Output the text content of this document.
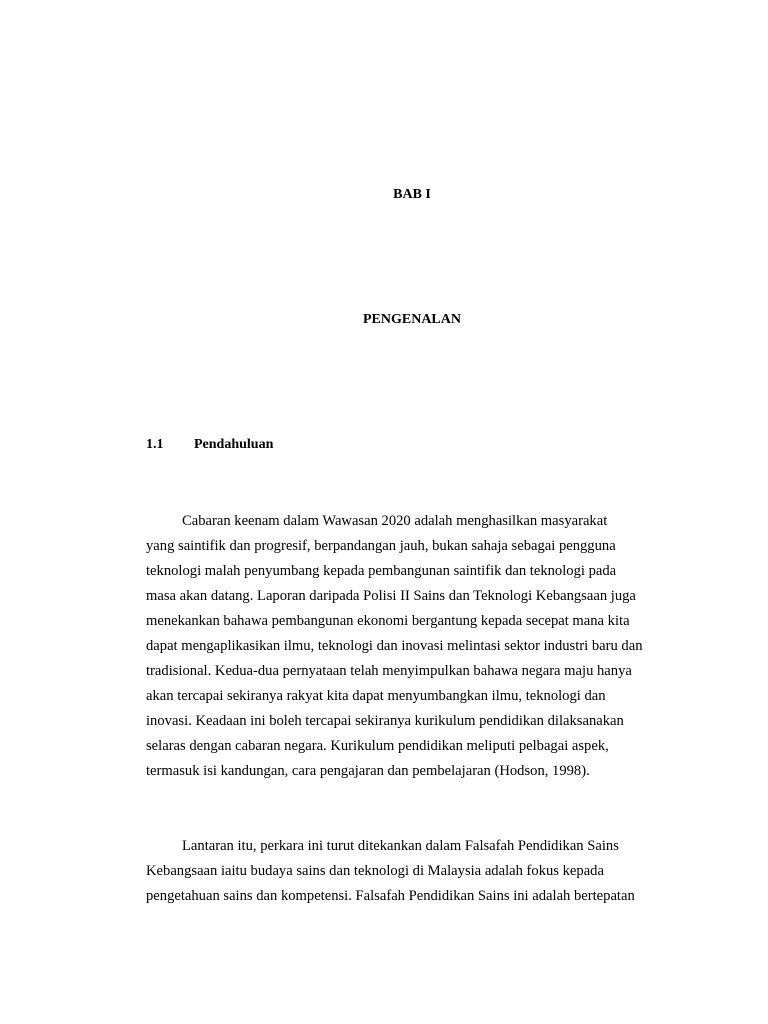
BAB I
PENGENALAN
1.1	Pendahuluan

Cabaran keenam dalam Wawasan 2020 adalah menghasilkan masyarakat
yang saintifik dan progresif, berpandangan jauh, bukan sahaja sebagai pengguna
teknologi malah penyumbang kepada pembangunan saintifik dan teknologi pada
masa akan datang. Laporan daripada Polisi II Sains dan Teknologi Kebangsaan juga
menekankan bahawa pembangunan ekonomi bergantung kepada secepat mana kita
dapat mengaplikasikan ilmu, teknologi dan inovasi melintasi sektor industri baru dan
tradisional. Kedua-dua pernyataan telah menyimpulkan bahawa negara maju hanya
akan tercapai sekiranya rakyat kita dapat menyumbangkan ilmu, teknologi dan
inovasi. Keadaan ini boleh tercapai sekiranya kurikulum pendidikan dilaksanakan
selaras dengan cabaran negara. Kurikulum pendidikan meliputi pelbagai aspek,
termasuk isi kandungan, cara pengajaran dan pembelajaran (Hodson, 1998).

Lantaran itu, perkara ini turut ditekankan dalam Falsafah Pendidikan Sains
Kebangsaan iaitu budaya sains dan teknologi di Malaysia adalah fokus kepada
pengetahuan sains dan kompetensi. Falsafah Pendidikan Sains ini adalah bertepatan
